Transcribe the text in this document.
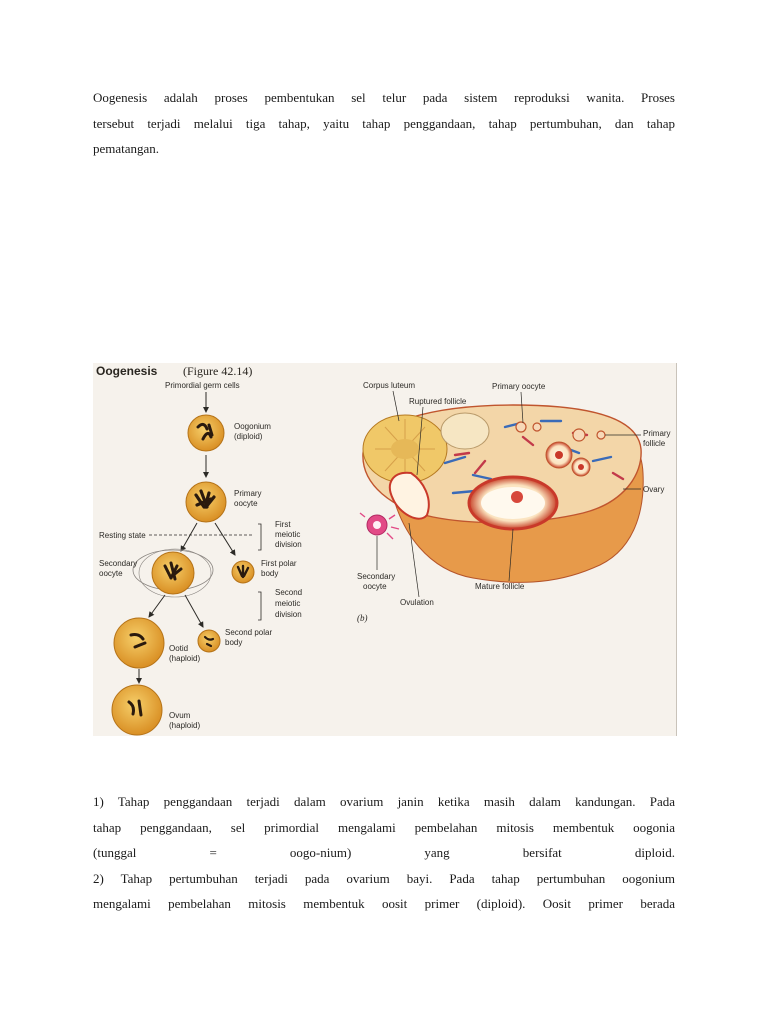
Oogenesis adalah proses pembentukan sel telur pada sistem reproduksi wanita. Proses
tersebut terjadi melalui tiga tahap, yaitu tahap penggandaan, tahap pertumbuhan, dan tahap
pematangan.

Oogenesis (Figure 42.14)
Primordial germ cells
Oogonium
(diploid)
Primary
oocyte
Resting state
First
meiotic
division
Secondary
oocyte
First polar
body
Second
meiotic
division
Ootid
(haploid)
Second polar
body
Ovum
(haploid)
Corpus luteum
Ruptured follicle
Primary oocyte
Primary
follicle
Ovary
Secondary
oocyte
Ovulation
Mature follicle
(b)

1) Tahap penggandaan terjadi dalam ovarium janin ketika masih dalam kandungan. Pada
tahap penggandaan, sel primordial mengalami pembelahan mitosis membentuk oogonia
(tunggal = oogo-nium) yang bersifat diploid.
2) Tahap pertumbuhan terjadi pada ovarium bayi. Pada tahap pertumbuhan oogonium
mengalami pembelahan mitosis membentuk oosit primer (diploid). Oosit primer berada
